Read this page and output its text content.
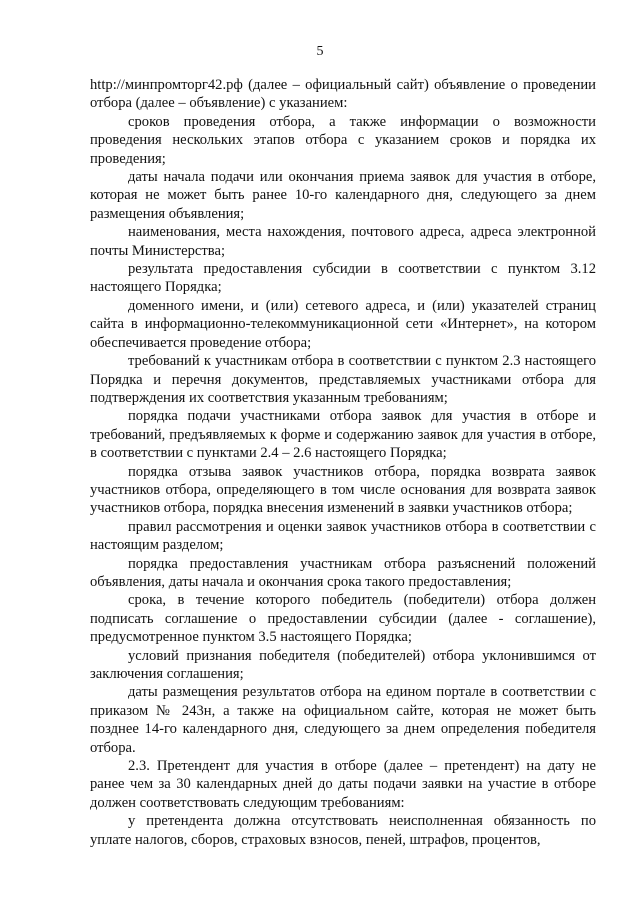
5

http://минпромторг42.рф (далее – официальный сайт) объявление о проведении отбора (далее – объявление) с указанием:

сроков проведения отбора, а также информации о возможности проведения нескольких этапов отбора с указанием сроков и порядка их проведения;

даты начала подачи или окончания приема заявок для участия в отборе, которая не может быть ранее 10-го календарного дня, следующего за днем размещения объявления;

наименования, места нахождения, почтового адреса, адреса электронной почты Министерства;

результата предоставления субсидии в соответствии с пунктом 3.12 настоящего Порядка;

доменного имени, и (или) сетевого адреса, и (или) указателей страниц сайта в информационно-телекоммуникационной сети «Интернет», на котором обеспечивается проведение отбора;

требований к участникам отбора в соответствии с пунктом 2.3 настоящего Порядка и перечня документов, представляемых участниками отбора для подтверждения их соответствия указанным требованиям;

порядка подачи участниками отбора заявок для участия в отборе и требований, предъявляемых к форме и содержанию заявок для участия в отборе, в соответствии с пунктами 2.4 – 2.6 настоящего Порядка;

порядка отзыва заявок участников отбора, порядка возврата заявок участников отбора, определяющего в том числе основания для возврата заявок участников отбора, порядка внесения изменений в заявки участников отбора;

правил рассмотрения и оценки заявок участников отбора в соответствии с настоящим разделом;

порядка предоставления участникам отбора разъяснений положений объявления, даты начала и окончания срока такого предоставления;

срока, в течение которого победитель (победители) отбора должен подписать соглашение о предоставлении субсидии (далее - соглашение), предусмотренное пунктом 3.5 настоящего Порядка;

условий признания победителя (победителей) отбора уклонившимся от заключения соглашения;

даты размещения результатов отбора на едином портале в соответствии с приказом № 243н, а также на официальном сайте, которая не может быть позднее 14-го календарного дня, следующего за днем определения победителя отбора.

2.3. Претендент для участия в отборе (далее – претендент) на дату не ранее чем за 30 календарных дней до даты подачи заявки на участие в отборе должен соответствовать следующим требованиям:

у претендента должна отсутствовать неисполненная обязанность по уплате налогов, сборов, страховых взносов, пеней, штрафов, процентов,
